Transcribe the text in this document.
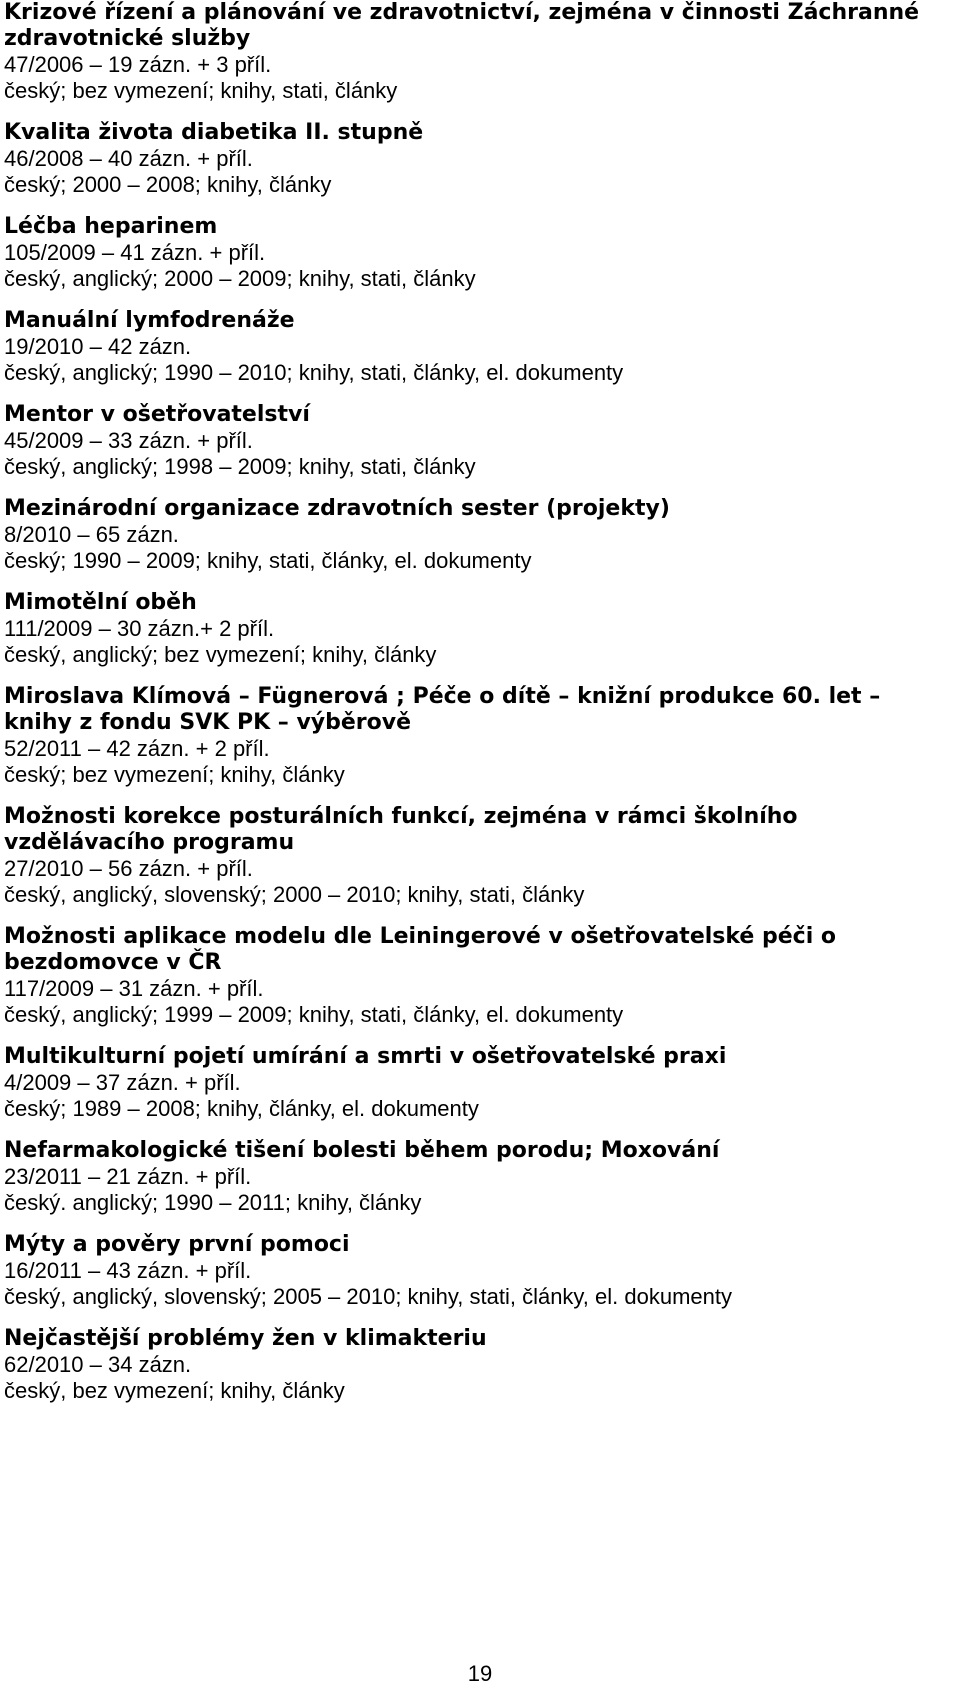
Krizové řízení a plánování ve zdravotnictví, zejména v činnosti Záchranné zdravotnické služby
47/2006 – 19 zázn. + 3 příl.
český; bez vymezení; knihy, stati, články
Kvalita života diabetika II. stupně
46/2008 – 40 zázn. + příl.
český; 2000 – 2008; knihy, články
Léčba heparinem
105/2009 – 41 zázn. + příl.
český, anglický; 2000 – 2009; knihy, stati, články
Manuální lymfodrenáže
19/2010 – 42 zázn.
český, anglický; 1990 – 2010; knihy, stati, články, el. dokumenty
Mentor v ošetřovatelství
45/2009 – 33 zázn. + příl.
český, anglický; 1998 – 2009; knihy, stati, články
Mezinárodní organizace zdravotních sester (projekty)
8/2010 – 65 zázn.
český; 1990 – 2009; knihy, stati, články, el. dokumenty
Mimotělní oběh
111/2009 – 30 zázn.+ 2 příl.
český, anglický; bez vymezení; knihy, články
Miroslava Klímová – Fügnerová ; Péče o dítě – knižní produkce 60. let – knihy z fondu SVK PK – výběrově
52/2011 – 42 zázn. + 2 příl.
český; bez vymezení; knihy, články
Možnosti korekce posturálních funkcí, zejména v rámci školního vzdělávacího programu
27/2010 – 56 zázn. + příl.
český, anglický, slovenský; 2000 – 2010; knihy, stati, články
Možnosti aplikace modelu dle Leiningerové v ošetřovatelské péči o bezdomovce v ČR
117/2009 – 31 zázn. + příl.
český, anglický; 1999 – 2009; knihy, stati, články, el. dokumenty
Multikulturní pojetí umírání a smrti v ošetřovatelské praxi
4/2009 – 37 zázn. + příl.
český; 1989 – 2008; knihy, články, el. dokumenty
Nefarmakologické tišení bolesti během porodu; Moxování
23/2011 – 21 zázn. + příl.
český. anglický; 1990 – 2011; knihy, články
Mýty a pověry první pomoci
16/2011 – 43 zázn. + příl.
český, anglický, slovenský; 2005 – 2010; knihy, stati, články, el. dokumenty
Nejčastější problémy žen v klimakteriu
62/2010 – 34 zázn.
český, bez vymezení; knihy, články
19
